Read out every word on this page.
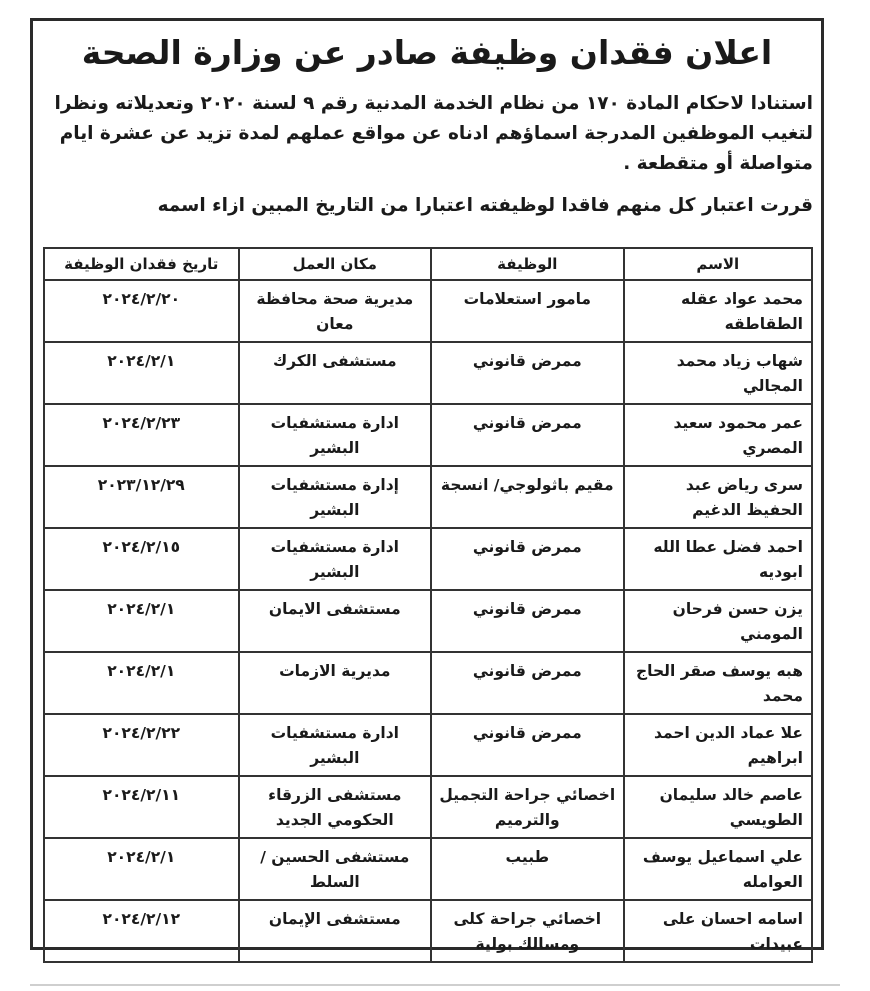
اعلان فقدان وظيفة صادر عن وزارة الصحة
استنادا لاحكام المادة ١٧٠ من نظام الخدمة المدنية رقم ٩ لسنة ٢٠٢٠ وتعديلاته ونظرا لتغيب الموظفين المدرجة اسماؤهم ادناه عن مواقع عملهم لمدة تزيد عن عشرة ايام متواصلة أو متقطعة .
قررت اعتبار كل منهم فاقدا لوظيفته اعتبارا من التاريخ المبين ازاء اسمه
الاسم	الوظيفة	مكان العمل	تاريخ فقدان الوظيفة
محمد عواد عقله الطقاطقه	مامور استعلامات	مديرية صحة محافظة معان	٢٠٢٤/٢/٢٠
شهاب زياد محمد المجالي	ممرض قانوني	مستشفى الكرك	٢٠٢٤/٢/١
عمر محمود سعيد المصري	ممرض قانوني	ادارة مستشفيات البشير	٢٠٢٤/٢/٢٣
سرى رياض عبد الحفيظ الدغيم	مقيم باثولوجي/ انسجة	إدارة مستشفيات البشير	٢٠٢٣/١٢/٢٩
احمد فضل عطا الله ابوديه	ممرض قانوني	ادارة مستشفيات البشير	٢٠٢٤/٢/١٥
يزن حسن فرحان المومني	ممرض قانوني	مستشفى الايمان	٢٠٢٤/٢/١
هبه يوسف صقر الحاج محمد	ممرض قانوني	مديرية الازمات	٢٠٢٤/٢/١
علا عماد الدين احمد ابراهيم	ممرض قانوني	ادارة مستشفيات البشير	٢٠٢٤/٢/٢٢
عاصم خالد سليمان الطويسي	اخصائي جراحة التجميل والترميم	مستشفى الزرقاء الحكومي الجديد	٢٠٢٤/٢/١١
علي اسماعيل يوسف العوامله	طبيب	مستشفى الحسين / السلط	٢٠٢٤/٢/١
اسامه احسان على عبيدات	اخصائي جراحة كلى ومسالك بولية	مستشفى الإيمان	٢٠٢٤/٢/١٢
